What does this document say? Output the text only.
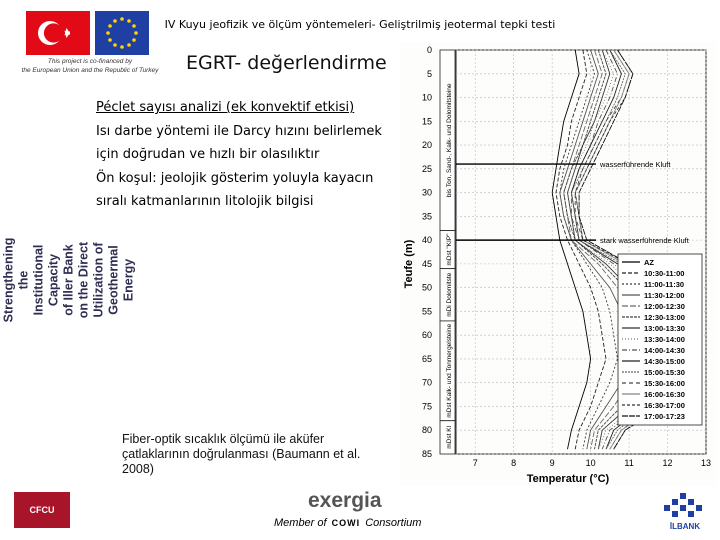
This project is co-financed by
the European Union and the Republic of Turkey
Strengthening the Institutional Capacity of Iller Bank on the Direct Utilization of Geothermal Energy
IV Kuyu jeofizik ve ölçüm yöntemeleri- Geliştrilmiş jeotermal tepki testi
EGRT- değerlendirme
Péclet sayısı analizi (ek konvektif etkisi)
Isı darbe yöntemi ile Darcy hızını belirlemek
için doğrudan ve hızlı bir olasılıktır
Ön koşul: jeolojik gösterim yoluyla kayacın
sıralı katmanlarının litolojik bilgisi
Fiber-optik sıcaklık ölçümü ile aküfer çatlaklarının doğrulanması (Baumann et al. 2008)
bis Ton, Sand-, Kalk- und Dolomitsteine
mDst "KIP"
mDi Dolomitste
mDst Kalk- und Tonmergelsteine
mDst Kl
0
5
10
15
20
25
30
35
40
45
50
55
60
65
70
75
80
85
7	8	9	10	11	12	13
wasserführende Kluft
stark wasserführende Kluft
AZ
10:30-11:00
11:00-11:30
11:30-12:00
12:00-12:30
12:30-13:00
13:00-13:30
13:30-14:00
14:00-14:30
14:30-15:00
15:00-15:30
15:30-16:00
16:00-16:30
16:30-17:00
17:00-17:23
Temperatur (°C)
Teufe (m)
CFCU	exergia
Member of COWI Consortium	İLBANK
